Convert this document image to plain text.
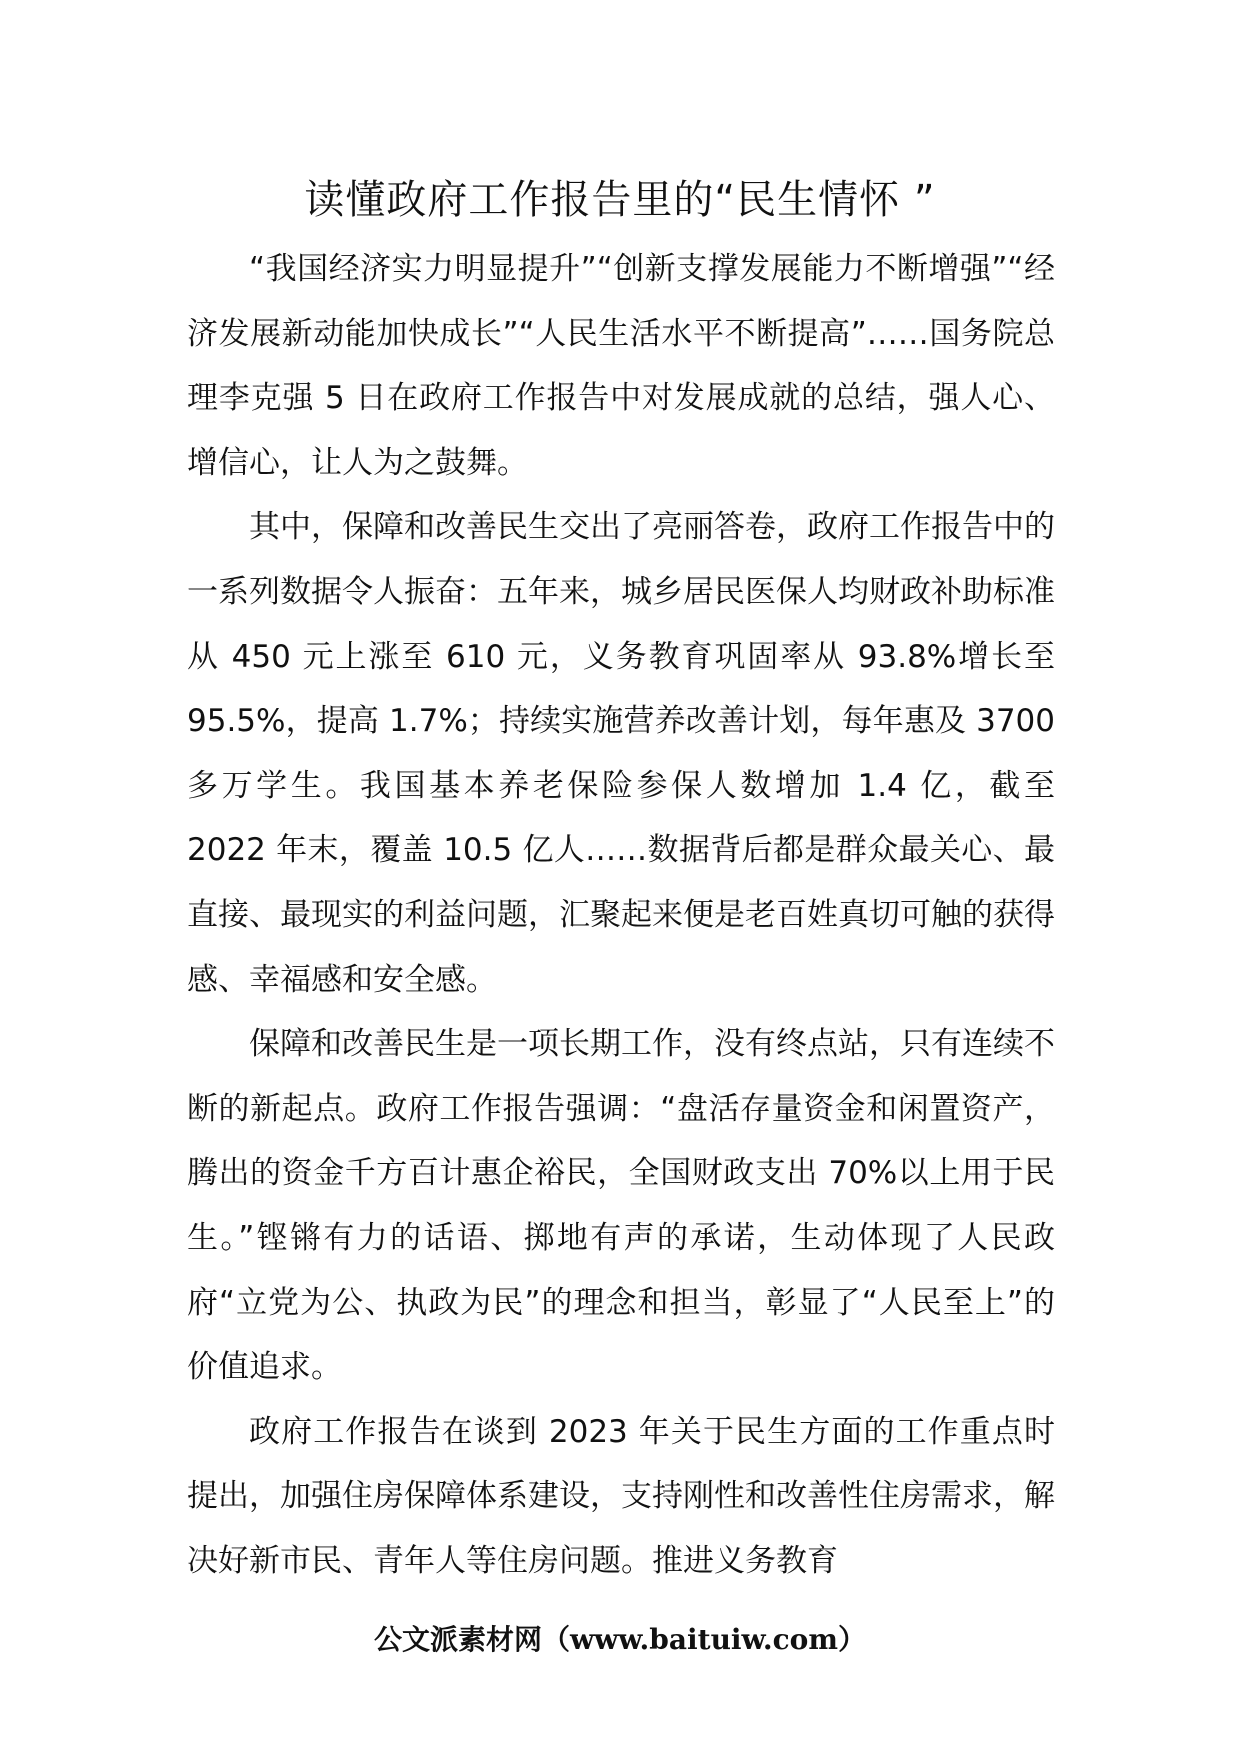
读懂政府工作报告里的“民生情怀 ”

“我国经济实力明显提升”“创新支撑发展能力不断增强”“经济发展新动能加快成长”“人民生活水平不断提高”……国务院总理李克强 5 日在政府工作报告中对发展成就的总结，强人心、增信心，让人为之鼓舞。

其中，保障和改善民生交出了亮丽答卷，政府工作报告中的一系列数据令人振奋：五年来，城乡居民医保人均财政补助标准从 450 元上涨至 610 元，义务教育巩固率从 93.8%增长至 95.5%，提高 1.7%；持续实施营养改善计划，每年惠及 3700 多万学生。我国基本养老保险参保人数增加 1.4 亿，截至 2022 年末，覆盖 10.5 亿人……数据背后都是群众最关心、最直接、最现实的利益问题，汇聚起来便是老百姓真切可触的获得感、幸福感和安全感。

保障和改善民生是一项长期工作，没有终点站，只有连续不断的新起点。政府工作报告强调：“盘活存量资金和闲置资产，腾出的资金千方百计惠企裕民，全国财政支出 70%以上用于民生。”铿锵有力的话语、掷地有声的承诺，生动体现了人民政府“立党为公、执政为民”的理念和担当，彰显了“人民至上”的价值追求。

政府工作报告在谈到 2023 年关于民生方面的工作重点时提出，加强住房保障体系建设，支持刚性和改善性住房需求，解决好新市民、青年人等住房问题。推进义务教育

公文派素材网（www.baituiw.com）
